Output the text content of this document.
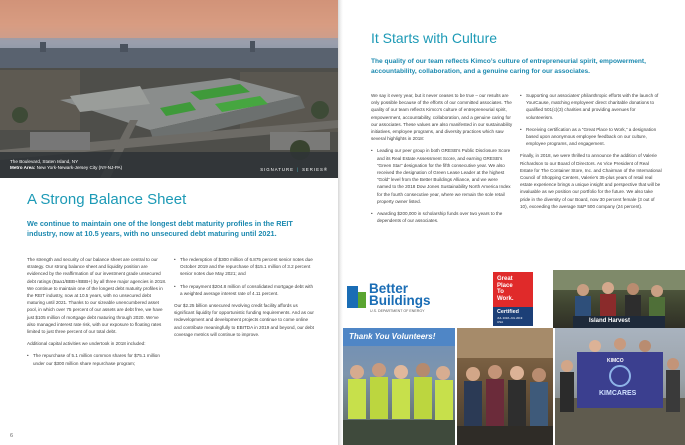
The Boulevard, Staten Island, NY
Metro Area: New York-Newark-Jersey City (NY-NJ-PA)	SIGNATURE | SERIES®
A Strong Balance Sheet
We continue to maintain one of the longest debt maturity profiles in the REIT industry, now at 10.5 years, with no unsecured debt maturing until 2021.

The strength and security of our balance sheet are central to our strategy. Our strong balance sheet and liquidity position are evidenced by the reaffirmation of our investment grade unsecured debt ratings (Baa1/BBB+/BBB+) by all three major agencies in 2018. We continue to maintain one of the longest debt maturity profiles in the REIT industry, now at 10.5 years, with no unsecured debt maturing until 2021. Thanks to our sizeable unencumbered asset pool, in which over 75 percent of our assets are debt free, we have just $105 million of mortgage debt maturing through 2020. We’ve also managed interest rate risk, with our exposure to floating rates limited to just three percent of our total debt.

Additional capital activities we undertook in 2018 included:

• The repurchase of 5.1 million common shares for $75.1 million under our $300 million share repurchase program;
• The redemption of $300 million of 6.875 percent senior notes due October 2019 and the repurchase of $15.1 million of 3.2 percent senior notes due May 2021; and
• The repayment $204.8 million of consolidated mortgage debt with a weighted average interest rate of 4.11 percent.

Our $2.25 billion unsecured revolving credit facility affords us significant liquidity for opportunistic funding requirements. And as our redevelopment and development projects continue to come online and contribute meaningfully to EBITDA in 2019 and beyond, our debt coverage metrics will continue to improve.

6
It Starts with Culture
The quality of our team reflects Kimco’s culture of entrepreneurial spirit, empowerment, accountability, collaboration, and a genuine caring for our associates.

We say it every year, but it never ceases to be true – our results are only possible because of the efforts of our committed associates. The quality of our team reflects Kimco’s culture of entrepreneurial spirit, empowerment, accountability, collaboration, and a genuine caring for our associates. These values are also manifested in our sustainability initiatives, employee programs, and diversity practices which saw several highlights in 2018:

• Leading our peer group in both GRESB’s Public Disclosure Score and its Real Estate Assessment Score, and earning GRESB’s “Green Star” designation for the fifth consecutive year. We also received the designation of Green Lease Leader at the highest “Gold” level from the Better Buildings Alliance, and we were named to the 2018 Dow Jones Sustainability North America Index for the fourth consecutive year, where we remain the sole retail property owner listed.
• Awarding $200,000 in scholarship funds over two years to the dependents of our associates.
• Supporting our associates’ philanthropic efforts with the launch of YourCause, matching employees’ direct charitable donations to qualified 501(c)(3) charities and providing avenues for volunteerism.
• Receiving certification as a “Great Place to Work,” a designation based upon anonymous employee feedback on our culture, employee programs, and engagement.

Finally, in 2018, we were thrilled to announce the addition of Valerie Richardson to our Board of Directors. As Vice President of Real Estate for The Container Store, Inc. and Chairman of the International Council of Shopping Centers, Valerie’s 35-plus years of retail real estate experience brings a unique insight and perspective that will be invaluable as we position our portfolio for the future. We also take pride in the diversity of our Board, now 30 percent female (3 out of 10), exceeding the average S&P 500 company (24 percent).

Better
Buildings
U.S. DEPARTMENT OF ENERGY
Great
Place
To
Work.
Certified
JUL 2018–JUL 2019
USA	Island Harvest
Thank You Volunteers!
KIMCO
KIMCARES
